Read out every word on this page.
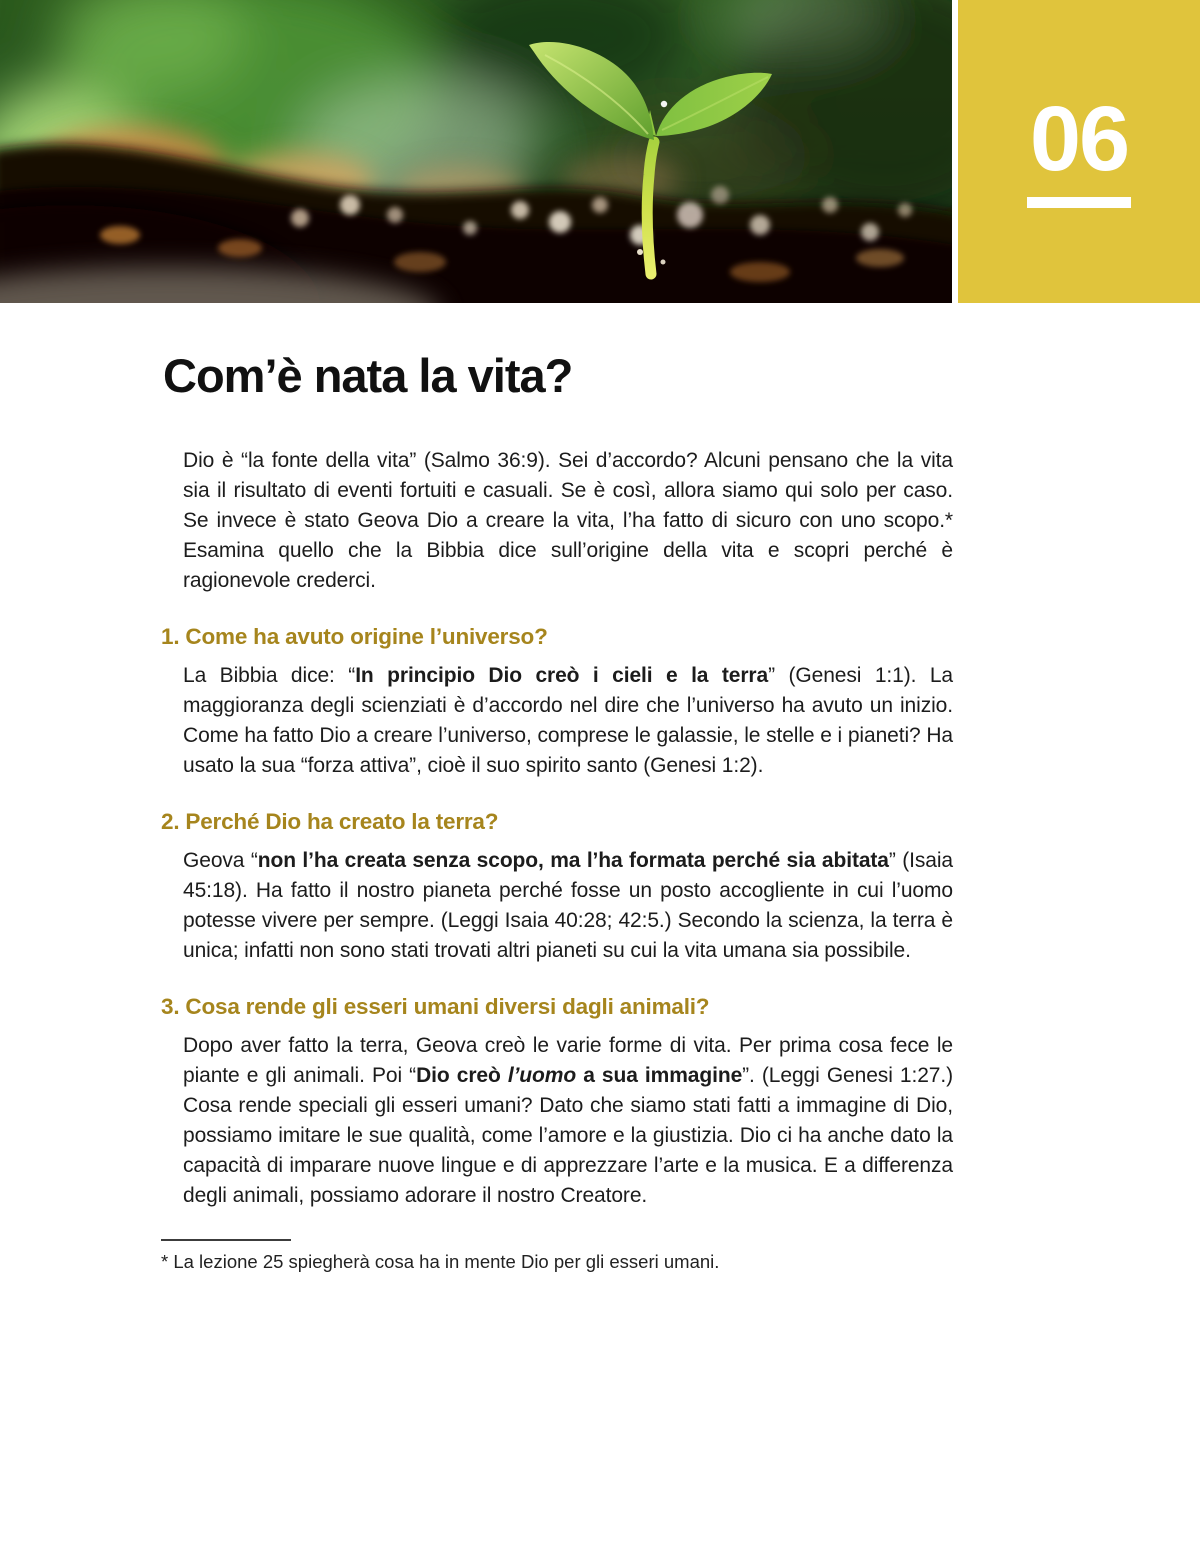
06
Com’è nata la vita?

Dio è “la fonte della vita” (Salmo 36:9). Sei d’accordo? Alcuni pensano che la vita sia il risultato di eventi fortuiti e casuali. Se è così, allora siamo qui solo per caso. Se invece è stato Geova Dio a creare la vita, l’ha fatto di sicuro con uno scopo.* Esamina quello che la Bibbia dice sull’origine della vita e scopri perché è ragionevole crederci.

1. Come ha avuto origine l’universo?

La Bibbia dice: “In principio Dio creò i cieli e la terra” (Genesi 1:1). La maggioranza degli scienziati è d’accordo nel dire che l’universo ha avuto un inizio. Come ha fatto Dio a creare l’universo, comprese le galassie, le stelle e i pianeti? Ha usato la sua “forza attiva”, cioè il suo spirito santo (Genesi 1:2).

2. Perché Dio ha creato la terra?

Geova “non l’ha creata senza scopo, ma l’ha formata perché sia abitata” (Isaia 45:18). Ha fatto il nostro pianeta perché fosse un posto accogliente in cui l’uomo potesse vivere per sempre. (Leggi Isaia 40:28; 42:5.) Secondo la scienza, la terra è unica; infatti non sono stati trovati altri pianeti su cui la vita umana sia possibile.

3. Cosa rende gli esseri umani diversi dagli animali?

Dopo aver fatto la terra, Geova creò le varie forme di vita. Per prima cosa fece le piante e gli animali. Poi “Dio creò l’uomo a sua immagine”. (Leggi Genesi 1:27.) Cosa rende speciali gli esseri umani? Dato che siamo stati fatti a immagine di Dio, possiamo imitare le sue qualità, come l’amore e la giustizia. Dio ci ha anche dato la capacità di imparare nuove lingue e di apprezzare l’arte e la musica. E a differenza degli animali, possiamo adorare il nostro Creatore.

* La lezione 25 spiegherà cosa ha in mente Dio per gli esseri umani.
